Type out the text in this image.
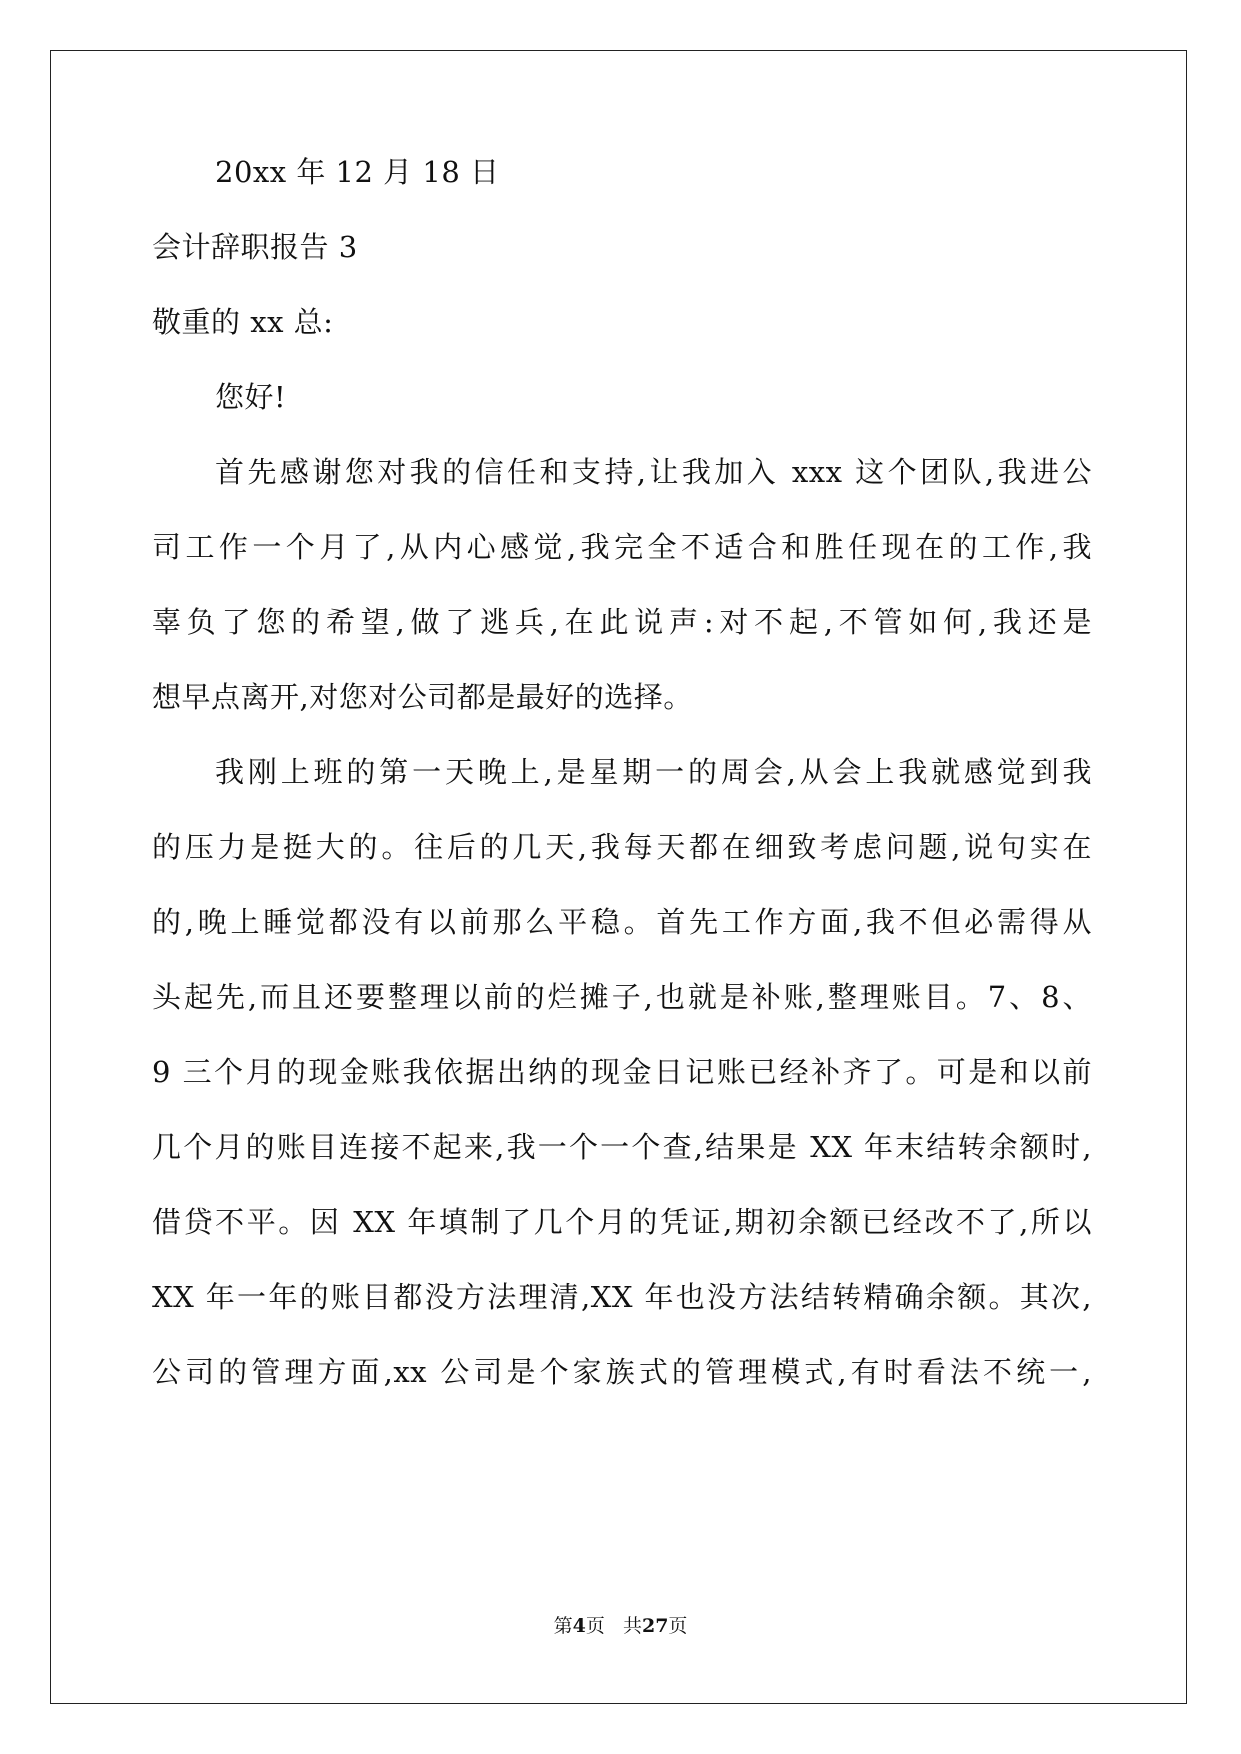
20xx 年 12 月 18 日
会计辞职报告 3
敬重的 xx 总:
您好!
首先感谢您对我的信任和支持,让我加入 xxx 这个团队,我进公
司工作一个月了,从内心感觉,我完全不适合和胜任现在的工作,我
辜负了您的希望,做了逃兵,在此说声:对不起,不管如何,我还是
想早点离开,对您对公司都是最好的选择。
我刚上班的第一天晚上,是星期一的周会,从会上我就感觉到我
的压力是挺大的。往后的几天,我每天都在细致考虑问题,说句实在
的,晚上睡觉都没有以前那么平稳。首先工作方面,我不但必需得从
头起先,而且还要整理以前的烂摊子,也就是补账,整理账目。7、8、
9 三个月的现金账我依据出纳的现金日记账已经补齐了。可是和以前
几个月的账目连接不起来,我一个一个查,结果是 XX 年末结转余额时,
借贷不平。因 XX 年填制了几个月的凭证,期初余额已经改不了,所以
XX 年一年的账目都没方法理清,XX 年也没方法结转精确余额。其次,
公司的管理方面,xx 公司是个家族式的管理模式,有时看法不统一,
第4页 共27页
